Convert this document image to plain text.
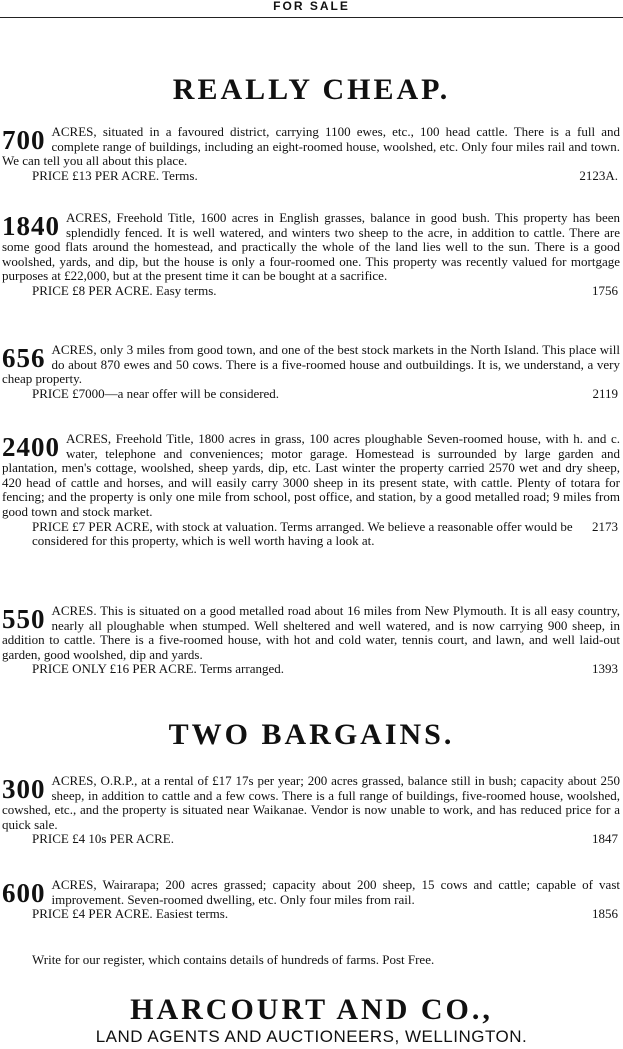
FOR SALE
REALLY CHEAP.
700 ACRES, situated in a favoured district, carrying 1100 ewes, etc., 100 head cattle. There is a full and complete range of buildings, including an eight-roomed house, woolshed, etc. Only four miles rail and town. We can tell you all about this place.
PRICE £13 PER ACRE. Terms.	2123A.
1840 ACRES, Freehold Title, 1600 acres in English grasses, balance in good bush. This property has been splendidly fenced. It is well watered, and winters two sheep to the acre, in addition to cattle. There are some good flats around the homestead, and practically the whole of the land lies well to the sun. There is a good woolshed, yards, and dip, but the house is only a four-roomed one. This property was recently valued for mortgage purposes at £22,000, but at the present time it can be bought at a sacrifice.
PRICE £8 PER ACRE. Easy terms.	1756
656 ACRES, only 3 miles from good town, and one of the best stock markets in the North Island. This place will do about 870 ewes and 50 cows. There is a five-roomed house and outbuildings. It is, we understand, a very cheap property.
PRICE £7000—a near offer will be considered.	2119
2400 ACRES, Freehold Title, 1800 acres in grass, 100 acres ploughable Seven-roomed house, with h. and c. water, telephone and conveniences; motor garage. Homestead is surrounded by large garden and plantation, men's cottage, woolshed, sheep yards, dip, etc. Last winter the property carried 2570 wet and dry sheep, 420 head of cattle and horses, and will easily carry 3000 sheep in its present state, with cattle. Plenty of totara for fencing; and the property is only one mile from school, post office, and station, by a good metalled road; 9 miles from good town and stock market.
PRICE £7 PER ACRE, with stock at valuation. Terms arranged. We believe a reasonable offer would be considered for this property, which is well worth having a look at.
2173
550 ACRES. This is situated on a good metalled road about 16 miles from New Plymouth. It is all easy country, nearly all ploughable when stumped. Well sheltered and well watered, and is now carrying 900 sheep, in addition to cattle. There is a five-roomed house, with hot and cold water, tennis court, and lawn, and well laid-out garden, good woolshed, dip and yards.
PRICE ONLY £16 PER ACRE. Terms arranged.	1393
TWO BARGAINS.
300 ACRES, O.R.P., at a rental of £17 17s per year; 200 acres grassed, balance still in bush; capacity about 250 sheep, in addition to cattle and a few cows. There is a full range of buildings, five-roomed house, woolshed, cowshed, etc., and the property is situated near Waikanae. Vendor is now unable to work, and has reduced price for a quick sale.
PRICE £4 10s PER ACRE.	1847
600 ACRES, Wairarapa; 200 acres grassed; capacity about 200 sheep, 15 cows and cattle; capable of vast improvement. Seven-roomed dwelling, etc. Only four miles from rail.
PRICE £4 PER ACRE. Easiest terms.	1856
Write for our register, which contains details of hundreds of farms. Post Free.
HARCOURT AND CO.,
LAND AGENTS AND AUCTIONEERS, WELLINGTON.
